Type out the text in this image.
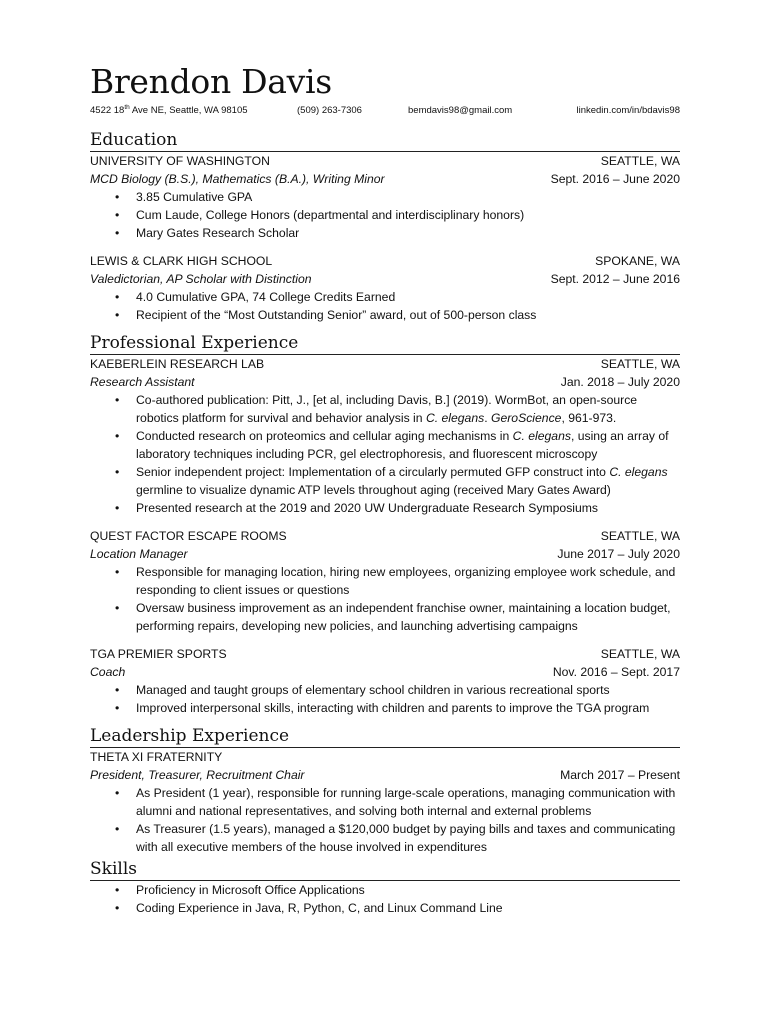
Brendon Davis
4522 18th Ave NE, Seattle, WA 98105	(509) 263-7306	bemdavis98@gmail.com	linkedin.com/in/bdavis98
Education
UNIVERSITY OF WASHINGTON	SEATTLE, WA
MCD Biology (B.S.), Mathematics (B.A.), Writing Minor	Sept. 2016 – June 2020
• 3.85 Cumulative GPA
• Cum Laude, College Honors (departmental and interdisciplinary honors)
• Mary Gates Research Scholar
LEWIS & CLARK HIGH SCHOOL	SPOKANE, WA
Valedictorian, AP Scholar with Distinction	Sept. 2012 – June 2016
• 4.0 Cumulative GPA, 74 College Credits Earned
• Recipient of the “Most Outstanding Senior” award, out of 500-person class
Professional Experience
KAEBERLEIN RESEARCH LAB	SEATTLE, WA
Research Assistant	Jan. 2018 – July 2020
• Co-authored publication: Pitt, J., [et al, including Davis, B.] (2019). WormBot, an open-source robotics platform for survival and behavior analysis in C. elegans. GeroScience, 961-973.
• Conducted research on proteomics and cellular aging mechanisms in C. elegans, using an array of laboratory techniques including PCR, gel electrophoresis, and fluorescent microscopy
• Senior independent project: Implementation of a circularly permuted GFP construct into C. elegans germline to visualize dynamic ATP levels throughout aging (received Mary Gates Award)
• Presented research at the 2019 and 2020 UW Undergraduate Research Symposiums
QUEST FACTOR ESCAPE ROOMS	SEATTLE, WA
Location Manager	June 2017 – July 2020
• Responsible for managing location, hiring new employees, organizing employee work schedule, and responding to client issues or questions
• Oversaw business improvement as an independent franchise owner, maintaining a location budget, performing repairs, developing new policies, and launching advertising campaigns
TGA PREMIER SPORTS	SEATTLE, WA
Coach	Nov. 2016 – Sept. 2017
• Managed and taught groups of elementary school children in various recreational sports
• Improved interpersonal skills, interacting with children and parents to improve the TGA program
Leadership Experience
THETA XI FRATERNITY
President, Treasurer, Recruitment Chair	March 2017 – Present
• As President (1 year), responsible for running large-scale operations, managing communication with alumni and national representatives, and solving both internal and external problems
• As Treasurer (1.5 years), managed a $120,000 budget by paying bills and taxes and communicating with all executive members of the house involved in expenditures
Skills
• Proficiency in Microsoft Office Applications
• Coding Experience in Java, R, Python, C, and Linux Command Line
